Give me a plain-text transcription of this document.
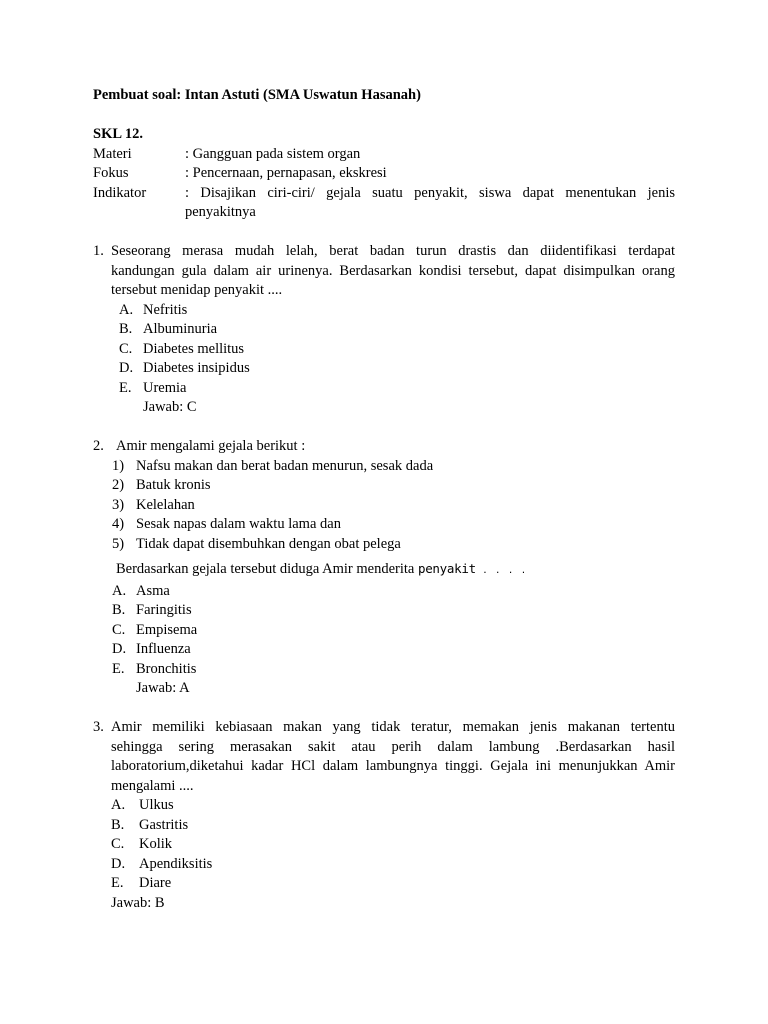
Pembuat soal: Intan Astuti (SMA Uswatun Hasanah)
SKL 12.
Materi	: Gangguan pada sistem organ
Fokus	: Pencernaan, pernapasan, ekskresi
Indikator	: Disajikan ciri-ciri/ gejala suatu penyakit, siswa dapat menentukan jenis
penyakitnya
1. Seseorang merasa mudah lelah, berat badan turun drastis dan diidentifikasi terdapat
kandungan gula dalam air urinenya. Berdasarkan kondisi tersebut, dapat disimpulkan orang
tersebut menidap penyakit ....
A. Nefritis
B. Albuminuria
C. Diabetes mellitus
D. Diabetes insipidus
E. Uremia
Jawab: C
2. Amir mengalami gejala berikut :
1) Nafsu makan dan berat badan menurun, sesak dada
2) Batuk kronis
3) Kelelahan
4) Sesak napas dalam waktu lama dan
5) Tidak dapat disembuhkan dengan obat pelega
Berdasarkan gejala tersebut diduga Amir menderita penyakit . . . .
A. Asma
B. Faringitis
C. Empisema
D. Influenza
E. Bronchitis
Jawab: A
3. Amir memiliki kebiasaan makan yang tidak teratur, memakan jenis makanan tertentu
sehingga sering merasakan sakit atau perih dalam lambung .Berdasarkan hasil
laboratorium,diketahui kadar HCl dalam lambungnya tinggi. Gejala ini menunjukkan Amir
mengalami ....
A. Ulkus
B.	Gastritis
C.	Kolik
D. Apendiksitis
E.	Diare
Jawab: B
